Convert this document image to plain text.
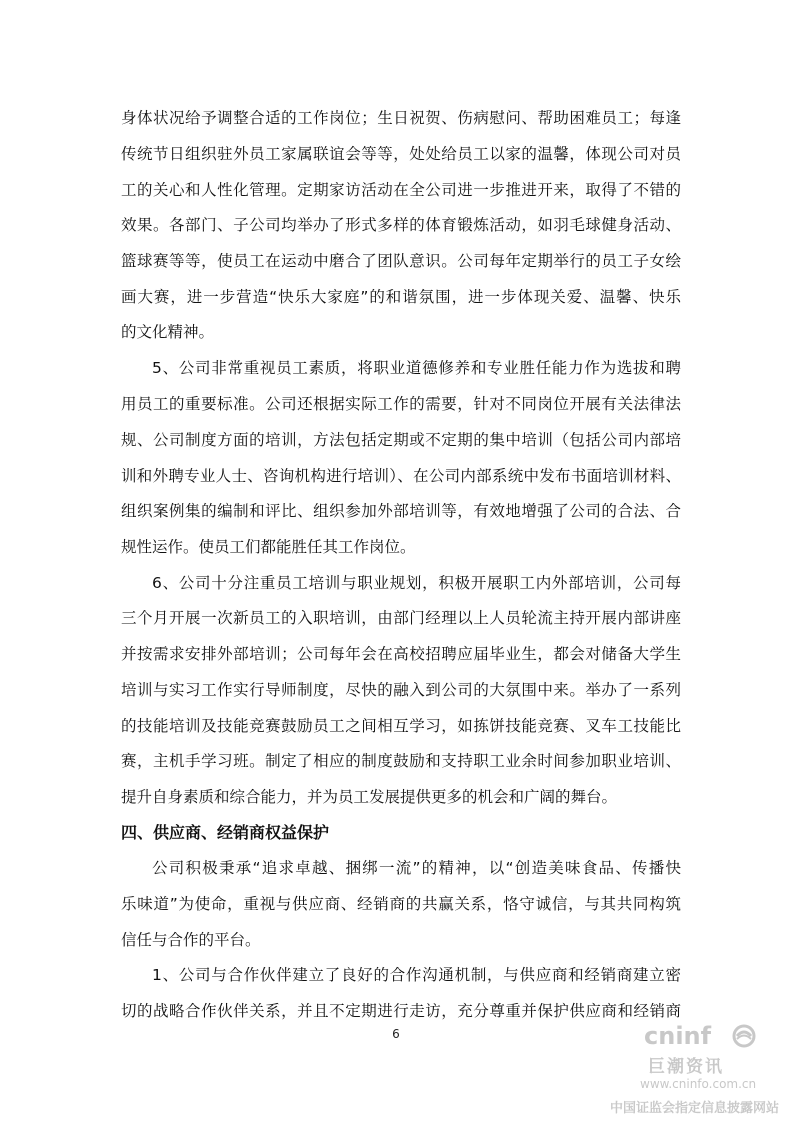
身体状况给予调整合适的工作岗位；生日祝贺、伤病慰问、帮助困难员工；每逢
传统节日组织驻外员工家属联谊会等等，处处给员工以家的温馨，体现公司对员
工的关心和人性化管理。定期家访活动在全公司进一步推进开来，取得了不错的
效果。各部门、子公司均举办了形式多样的体育锻炼活动，如羽毛球健身活动、
篮球赛等等，使员工在运动中磨合了团队意识。公司每年定期举行的员工子女绘
画大赛，进一步营造“快乐大家庭”的和谐氛围，进一步体现关爱、温馨、快乐
的文化精神。
5、公司非常重视员工素质，将职业道德修养和专业胜任能力作为选拔和聘
用员工的重要标准。公司还根据实际工作的需要，针对不同岗位开展有关法律法
规、公司制度方面的培训，方法包括定期或不定期的集中培训（包括公司内部培
训和外聘专业人士、咨询机构进行培训）、在公司内部系统中发布书面培训材料、
组织案例集的编制和评比、组织参加外部培训等，有效地增强了公司的合法、合
规性运作。使员工们都能胜任其工作岗位。
6、公司十分注重员工培训与职业规划，积极开展职工内外部培训，公司每
三个月开展一次新员工的入职培训，由部门经理以上人员轮流主持开展内部讲座
并按需求安排外部培训；公司每年会在高校招聘应届毕业生，都会对储备大学生
培训与实习工作实行导师制度，尽快的融入到公司的大氛围中来。举办了一系列
的技能培训及技能竞赛鼓励员工之间相互学习，如拣饼技能竞赛、叉车工技能比
赛，主机手学习班。制定了相应的制度鼓励和支持职工业余时间参加职业培训、
提升自身素质和综合能力，并为员工发展提供更多的机会和广阔的舞台。
四、供应商、经销商权益保护
公司积极秉承“追求卓越、捆绑一流”的精神，以“创造美味食品、传播快
乐味道”为使命，重视与供应商、经销商的共赢关系，恪守诚信，与其共同构筑
信任与合作的平台。
1、公司与合作伙伴建立了良好的合作沟通机制，与供应商和经销商建立密
切的战略合作伙伴关系，并且不定期进行走访，充分尊重并保护供应商和经销商
6	cninf
巨潮资讯
www.cninfo.com.cn
中国证监会指定信息披露网站
